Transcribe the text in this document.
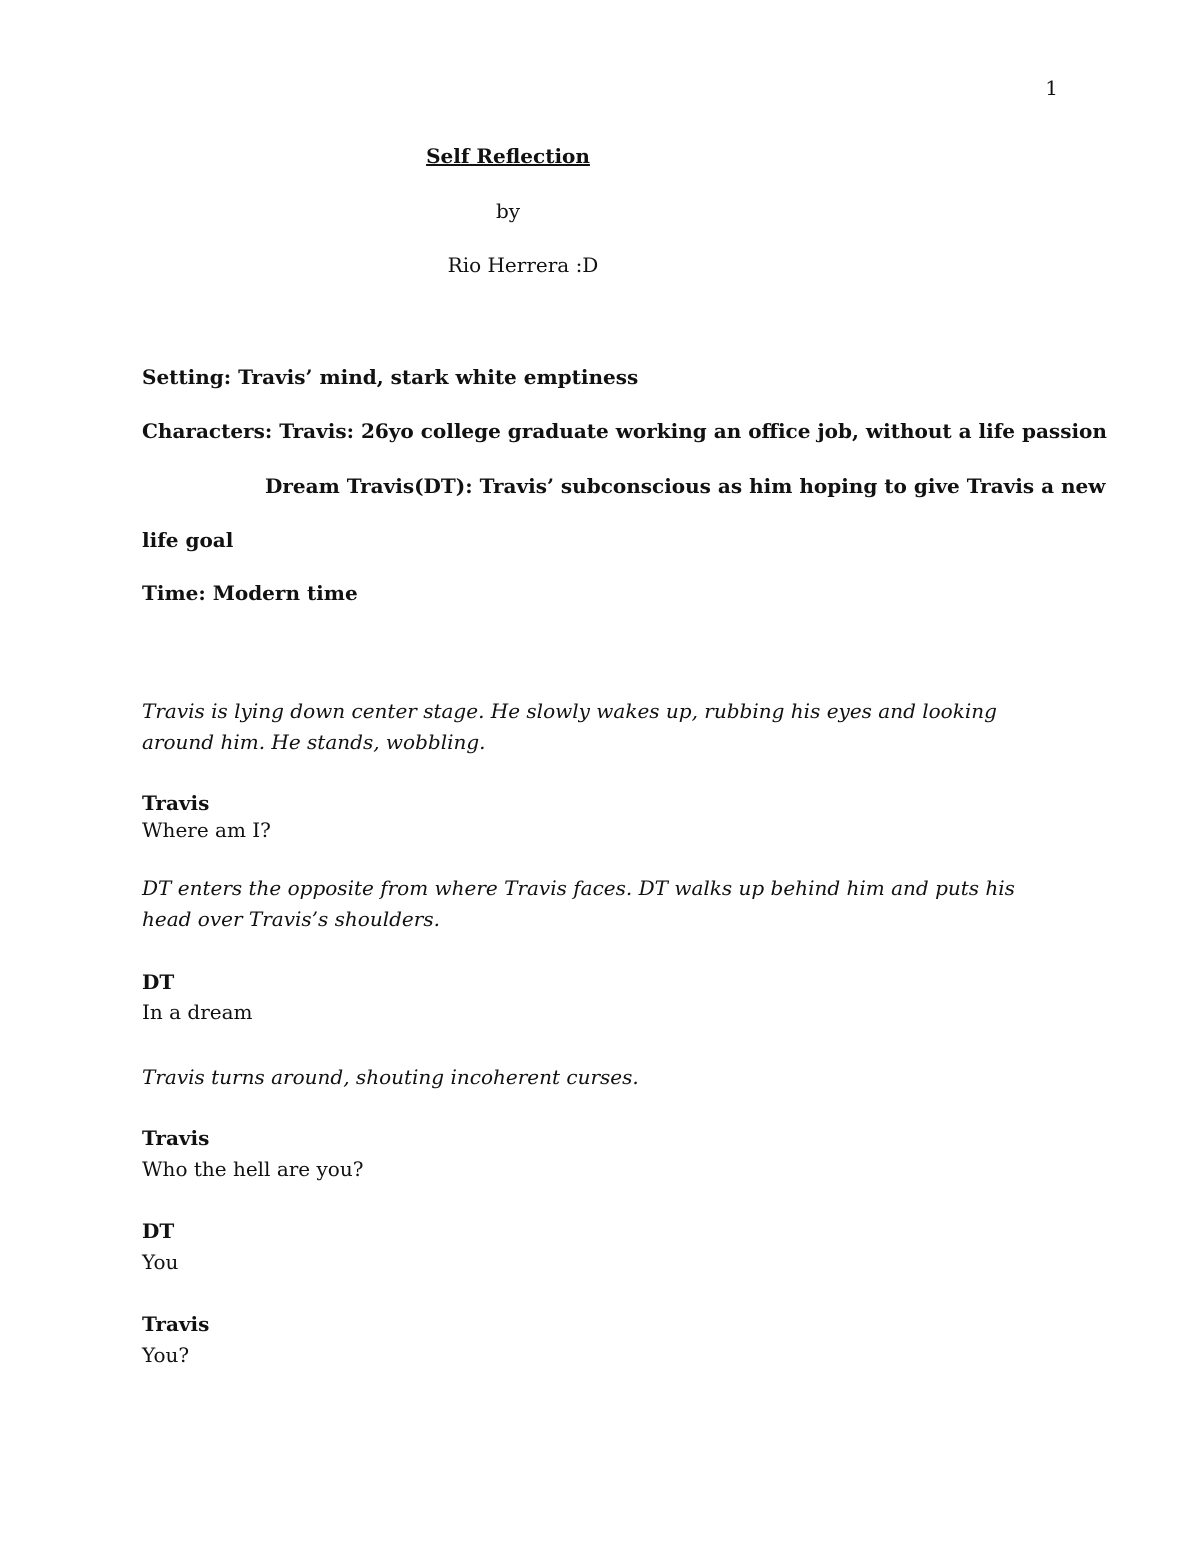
1
Self Reflection
by
Rio Herrera :D
Setting: Travis’ mind, stark white emptiness
Characters: Travis: 26yo college graduate working an office job, without a life passion
Dream Travis(DT): Travis’ subconscious as him hoping to give Travis a new
life goal
Time: Modern time
Travis is lying down center stage. He slowly wakes up, rubbing his eyes and looking around him. He stands, wobbling.
Travis
Where am I?
DT enters the opposite from where Travis faces. DT walks up behind him and puts his head over Travis’s shoulders.
DT
In a dream
Travis turns around, shouting incoherent curses.
Travis
Who the hell are you?
DT
You
Travis
You?
